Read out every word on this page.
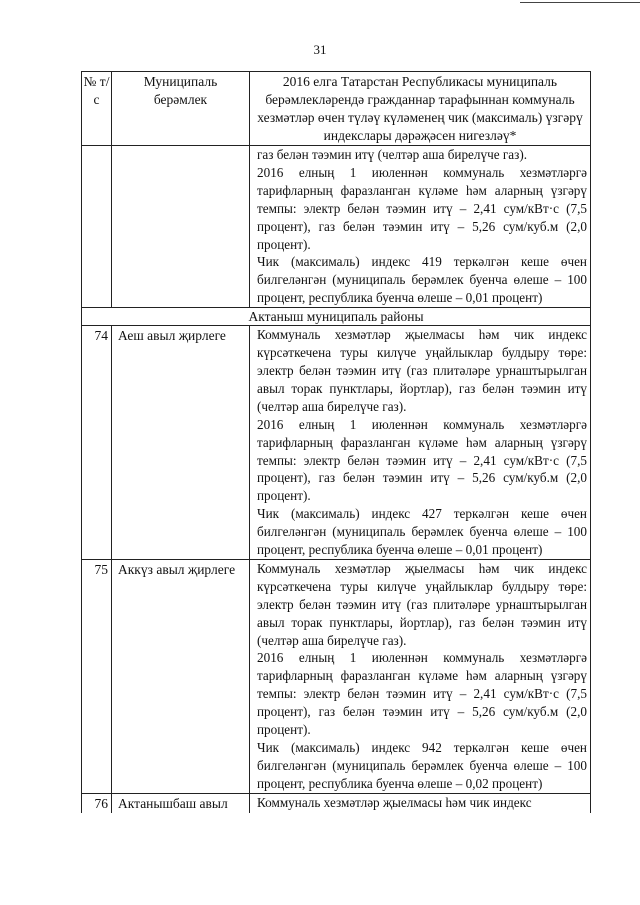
31
№ т/с	Муниципаль берәмлек	2016 елга Татарстан Республикасы муниципаль берәмлекләрендә гражданнар тарафыннан коммуналь хезмәтләр өчен түләү күләменең чик (максималь) үзгәрү индекслары дәрәҗәсен нигезләү*

		газ белән тәэмин итү (челтәр аша бирелүче газ).

2016 елның 1 июленнән коммуналь хезмәтләргә тарифларның фаразланган күләме һәм аларның үзгәрү темпы: электр белән тәэмин итү – 2,41 сум/кВт·с (7,5 процент), газ белән тәэмин итү – 5,26 сум/куб.м (2,0 процент).

Чик (максималь) индекс 419 теркәлгән кеше өчен билгеләнгән (муниципаль берәмлек буенча өлеше – 100 процент, республика буенча өлеше – 0,01 процент)

Актаныш муниципаль районы		
74	Аеш авыл җирлеге	Коммуналь хезмәтләр җыелмасы һәм чик индекс күрсәткечена туры килүче уңайлыклар булдыру төре: электр белән тәэмин итү (газ плитәләре урнаштырылган авыл торак пунктлары, йортлар), газ белән тәэмин итү (челтәр аша бирелүче газ).

2016 елның 1 июленнән коммуналь хезмәтләргә тарифларның фаразланган күләме һәм аларның үзгәрү темпы: электр белән тәэмин итү – 2,41 сум/кВт·с (7,5 процент), газ белән тәэмин итү – 5,26 сум/куб.м (2,0 процент).

Чик (максималь) индекс 427 теркәлгән кеше өчен билгеләнгән (муниципаль берәмлек буенча өлеше – 100 процент, республика буенча өлеше – 0,01 процент)

75	Аккүз авыл җирлеге	Коммуналь хезмәтләр җыелмасы һәм чик индекс күрсәткечена туры килүче уңайлыклар булдыру төре: электр белән тәэмин итү (газ плитәләре урнаштырылган авыл торак пунктлары, йортлар), газ белән тәэмин итү (челтәр аша бирелүче газ).

2016 елның 1 июленнән коммуналь хезмәтләргә тарифларның фаразланган күләме һәм аларның үзгәрү темпы: электр белән тәэмин итү – 2,41 сум/кВт·с (7,5 процент), газ белән тәэмин итү – 5,26 сум/куб.м (2,0 процент).

Чик (максималь) индекс 942 теркәлгән кеше өчен билгеләнгән (муниципаль берәмлек буенча өлеше – 100 процент, республика буенча өлеше – 0,02 процент)

76	Актанышбаш авыл	Коммуналь хезмәтләр җыелмасы һәм чик индекс
